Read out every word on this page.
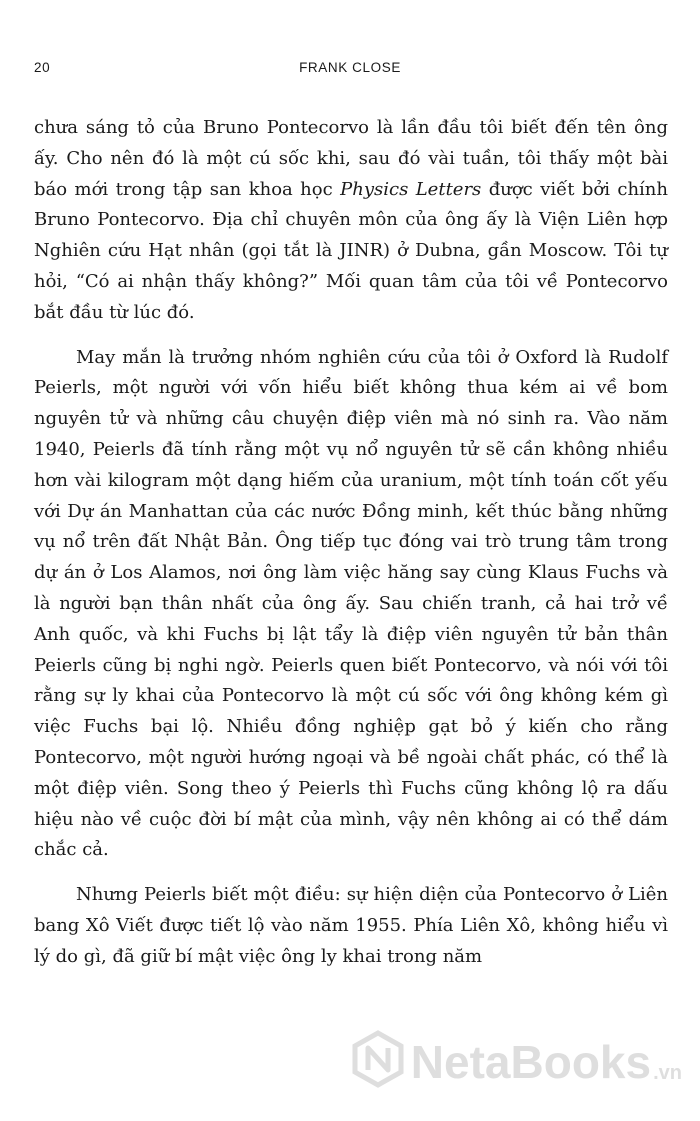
20	FRANK CLOSE

chưa sáng tỏ của Bruno Pontecorvo là lần đầu tôi biết đến tên ông ấy. Cho nên đó là một cú sốc khi, sau đó vài tuần, tôi thấy một bài báo mới trong tập san khoa học Physics Letters được viết bởi chính Bruno Pontecorvo. Địa chỉ chuyên môn của ông ấy là Viện Liên hợp Nghiên cứu Hạt nhân (gọi tắt là JINR) ở Dubna, gần Moscow. Tôi tự hỏi, “Có ai nhận thấy không?” Mối quan tâm của tôi về Pontecorvo bắt đầu từ lúc đó.

May mắn là trưởng nhóm nghiên cứu của tôi ở Oxford là Rudolf Peierls, một người với vốn hiểu biết không thua kém ai về bom nguyên tử và những câu chuyện điệp viên mà nó sinh ra. Vào năm 1940, Peierls đã tính rằng một vụ nổ nguyên tử sẽ cần không nhiều hơn vài kilogram một dạng hiếm của uranium, một tính toán cốt yếu với Dự án Manhattan của các nước Đồng minh, kết thúc bằng những vụ nổ trên đất Nhật Bản. Ông tiếp tục đóng vai trò trung tâm trong dự án ở Los Alamos, nơi ông làm việc hăng say cùng Klaus Fuchs và là người bạn thân nhất của ông ấy. Sau chiến tranh, cả hai trở về Anh quốc, và khi Fuchs bị lật tẩy là điệp viên nguyên tử bản thân Peierls cũng bị nghi ngờ. Peierls quen biết Pontecorvo, và nói với tôi rằng sự ly khai của Pontecorvo là một cú sốc với ông không kém gì việc Fuchs bại lộ. Nhiều đồng nghiệp gạt bỏ ý kiến cho rằng Pontecorvo, một người hướng ngoại và bề ngoài chất phác, có thể là một điệp viên. Song theo ý Peierls thì Fuchs cũng không lộ ra dấu hiệu nào về cuộc đời bí mật của mình, vậy nên không ai có thể dám chắc cả.

Nhưng Peierls biết một điều: sự hiện diện của Pontecorvo ở Liên bang Xô Viết được tiết lộ vào năm 1955. Phía Liên Xô, không hiểu vì lý do gì, đã giữ bí mật việc ông ly khai trong năm

NetaBooks .vn
